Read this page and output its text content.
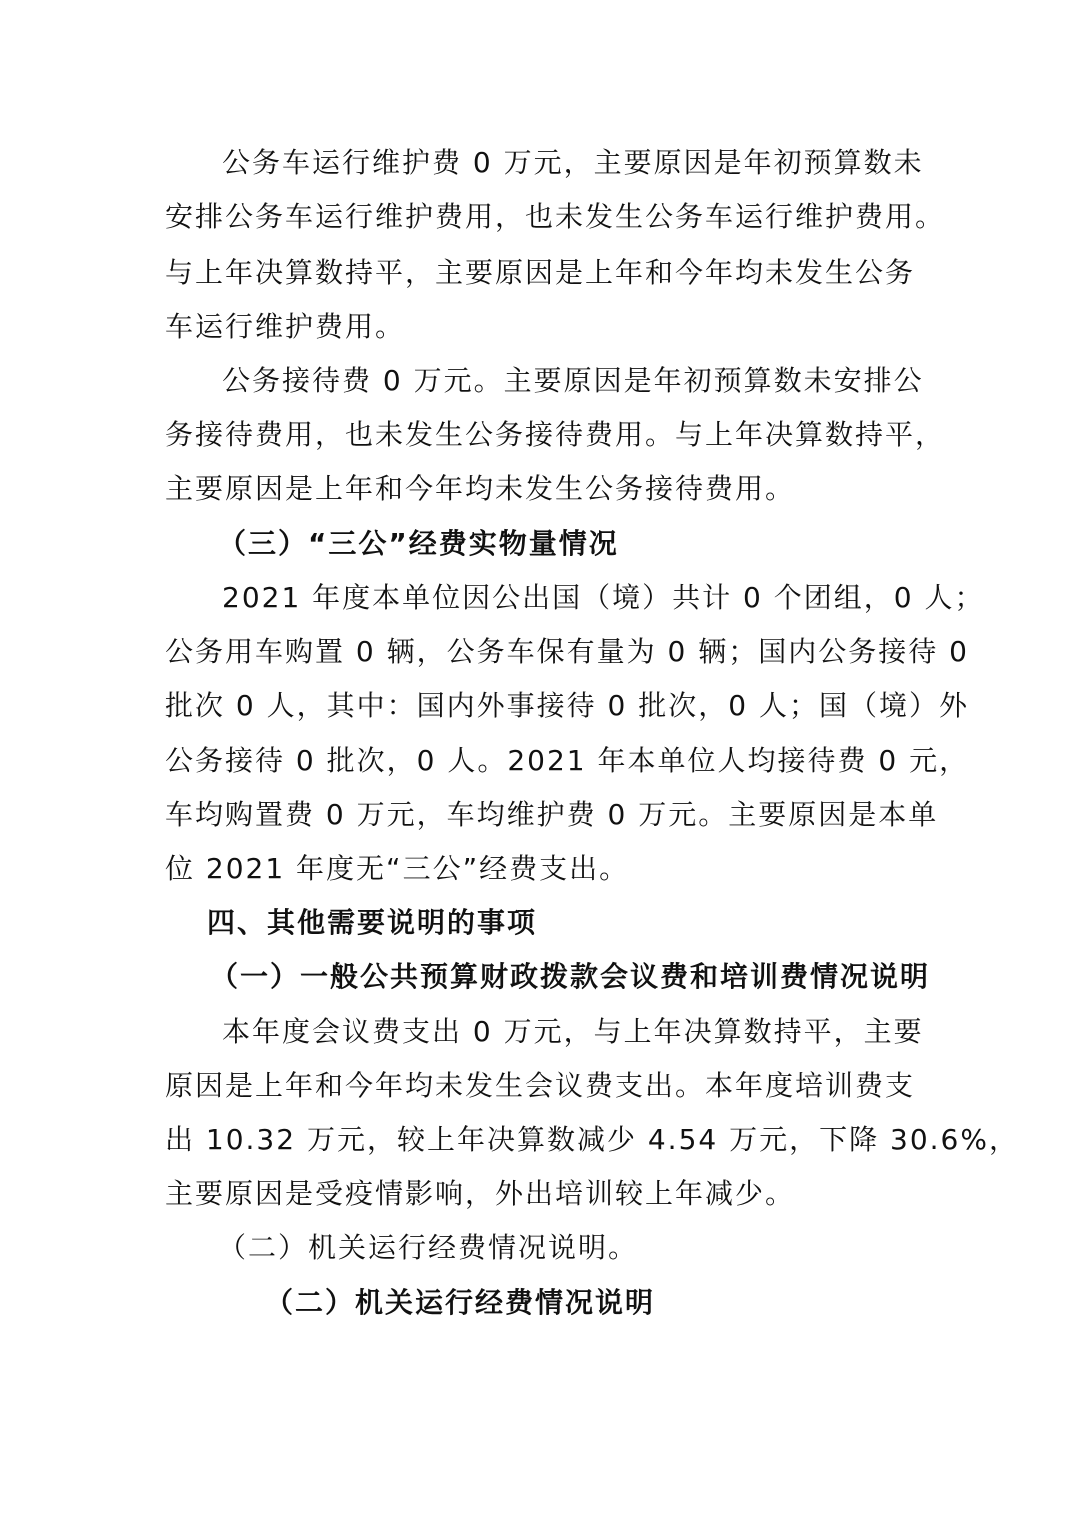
公务车运行维护费 0 万元，主要原因是年初预算数未
安排公务车运行维护费用，也未发生公务车运行维护费用。
与上年决算数持平，主要原因是上年和今年均未发生公务
车运行维护费用。
公务接待费 0 万元。主要原因是年初预算数未安排公
务接待费用，也未发生公务接待费用。与上年决算数持平，
主要原因是上年和今年均未发生公务接待费用。
（三）“三公”经费实物量情况
2021 年度本单位因公出国（境）共计 0 个团组，0 人；
公务用车购置 0 辆，公务车保有量为 0 辆；国内公务接待 0
批次 0 人，其中：国内外事接待 0 批次，0 人；国（境）外
公务接待 0 批次，0 人。2021 年本单位人均接待费 0 元，
车均购置费 0 万元，车均维护费 0 万元。主要原因是本单
位 2021 年度无“三公”经费支出。
四、其他需要说明的事项
（一）一般公共预算财政拨款会议费和培训费情况说明
本年度会议费支出 0 万元，与上年决算数持平，主要
原因是上年和今年均未发生会议费支出。本年度培训费支
出 10.32 万元，较上年决算数减少 4.54 万元，下降 30.6%，
主要原因是受疫情影响，外出培训较上年减少。
（二）机关运行经费情况说明。
（二）机关运行经费情况说明
